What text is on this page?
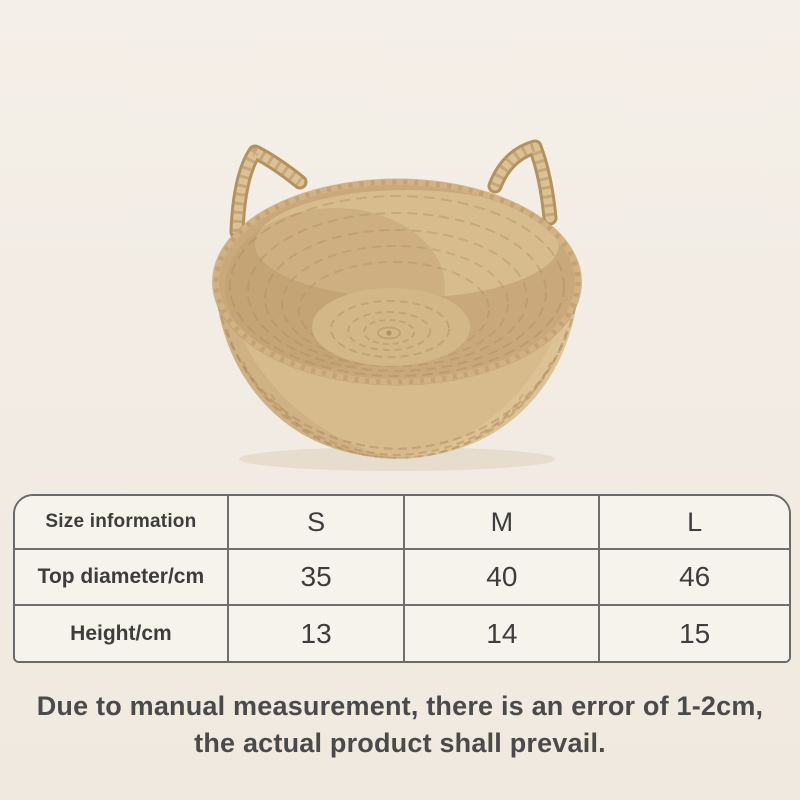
Size information	S	M	L
Top diameter/cm	35	40	46
Height/cm	13	14	15
Due to manual measurement, there is an error of 1-2cm,
the actual product shall prevail.
